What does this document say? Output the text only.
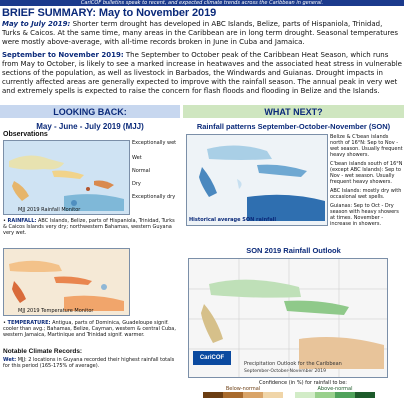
CariCOF bulletins speak to recent, and expected climate trends across the Caribbean in general.
BRIEF SUMMARY: May to November 2019
May to July 2019: Shorter term drought has developed in ABC Islands, Belize, parts of Hispaniola, Trinidad, Turks & Caicos. At the same time, many areas in the Caribbean are in long term drought. Seasonal temperatures were mostly above-average, with all-time records broken in June in Cuba and Jamaica.
September to November 2019: The September to October peak of the Caribbean Heat Season, which runs from May to October, is likely to see a marked increase in heatwaves and the associated heat stress in vulnerable sections of the population, as well as livestock in Barbados, the Windwards and Guianas. Drought impacts in currently affected areas are generally expected to improve with the rainfall season. The annual peak in very wet and extremely spells is expected to raise the concern for flash floods and flooding in Belize and the Islands.
LOOKING BACK:	WHAT NEXT?
May - June - July 2019 (MJJ)
Observations
MJJ 2019 Rainfall Monitor
Exceptionally wet
Wet
Normal
Dry
Exceptionally dry
• RAINFALL: ABC Islands, Belize, parts of Hispaniola, Trinidad, Turks & Caicos Islands very dry; northwestern Bahamas, western Guyana very wet.
MJJ 2019 Temperature Monitor
• TEMPERATURE: Antigua, parts of Dominica, Guadeloupe signif. cooler than avg.; Bahamas, Belize, Cayman, western & central Cuba, western Jamaica, Martinique and Trinidad signif. warmer.
Notable Climate Records:
Wet: MJJ: 2 locations in Guyana recorded their highest rainfall totals for this period (165-175% of average).
Rainfall patterns September-October-November (SON)
Historical average SON rainfall
Belize & C'bean islands north of 16°N: Sep to Nov - wet season. Usually frequent heavy showers.
C'bean islands south of 16°N (except ABC Islands): Sep to Nov - wet season. Usually frequent heavy showers.
ABC Islands: mostly dry with occasional wet spells.
Guianas: Sep to Oct - Dry season with heavy showers at times. November - increase in showers.
SON 2019 Rainfall Outlook
Precipitation Outlook for the Caribbean
September-October-November 2019
CariCOF
Confidence (in %) for rainfall to be:
Below-normal	Above-normal
